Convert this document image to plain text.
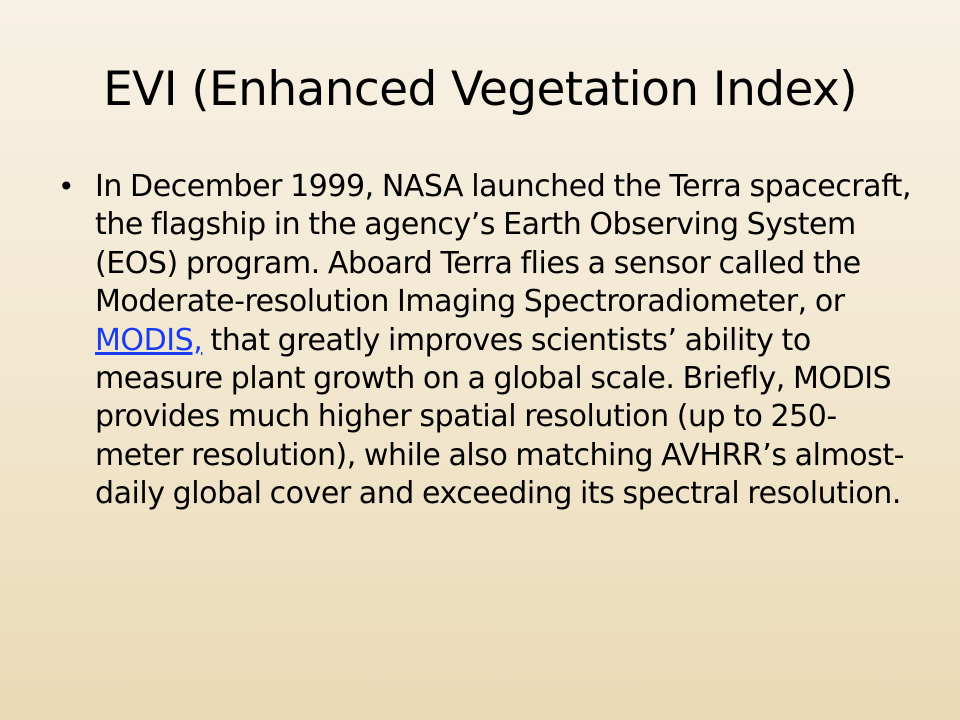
EVI (Enhanced Vegetation Index)
• In December 1999, NASA launched the Terra spacecraft, the flagship in the agency’s Earth Observing System (EOS) program. Aboard Terra flies a sensor called the Moderate-resolution Imaging Spectroradiometer, or MODIS, that greatly improves scientists’ ability to measure plant growth on a global scale. Briefly, MODIS provides much higher spatial resolution (up to 250-meter resolution), while also matching AVHRR’s almost-daily global cover and exceeding its spectral resolution.
